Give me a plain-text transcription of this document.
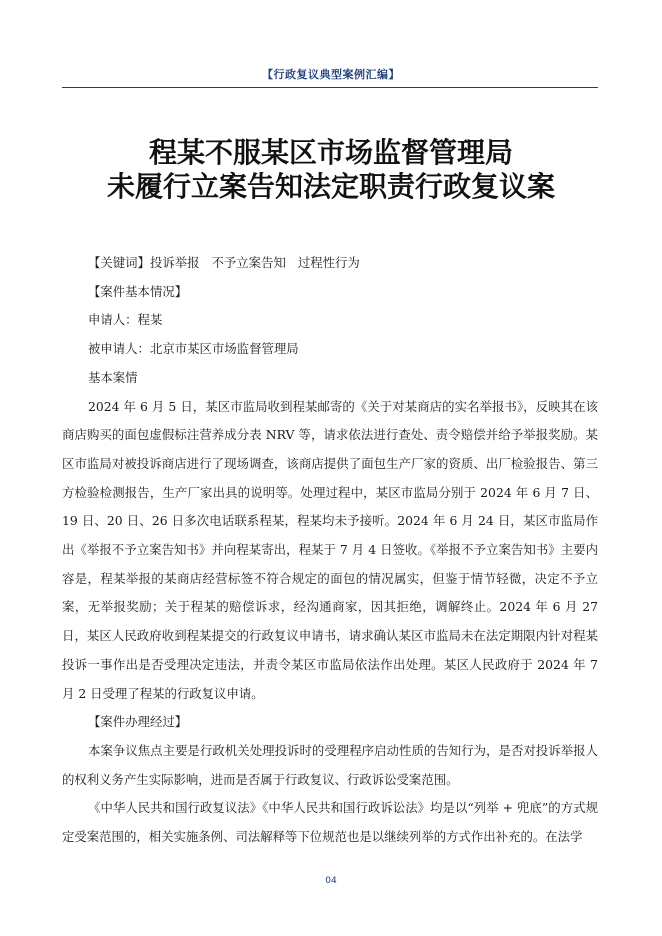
【行政复议典型案例汇编】
程某不服某区市场监督管理局
未履行立案告知法定职责行政复议案

【关键词】投诉举报 不予立案告知 过程性行为

【案件基本情况】

申请人：程某

被申请人：北京市某区市场监督管理局

基本案情

2024 年 6 月 5 日，某区市监局收到程某邮寄的《关于对某商店的实名举报书》，反映其在该商店购买的面包虚假标注营养成分表 NRV 等，请求依法进行查处、责令赔偿并给予举报奖励。某区市监局对被投诉商店进行了现场调查，该商店提供了面包生产厂家的资质、出厂检验报告、第三方检验检测报告，生产厂家出具的说明等。处理过程中，某区市监局分别于 2024 年 6 月 7 日、19 日、20 日、26 日多次电话联系程某，程某均未予接听。2024 年 6 月 24 日，某区市监局作出《举报不予立案告知书》并向程某寄出，程某于 7 月 4 日签收。《举报不予立案告知书》主要内容是，程某举报的某商店经营标签不符合规定的面包的情况属实，但鉴于情节轻微，决定不予立案，无举报奖励；关于程某的赔偿诉求，经沟通商家，因其拒绝，调解终止。2024 年 6 月 27 日，某区人民政府收到程某提交的行政复议申请书，请求确认某区市监局未在法定期限内针对程某投诉一事作出是否受理决定违法，并责令某区市监局依法作出处理。某区人民政府于 2024 年 7 月 2 日受理了程某的行政复议申请。

【案件办理经过】

本案争议焦点主要是行政机关处理投诉时的受理程序启动性质的告知行为，是否对投诉举报人的权利义务产生实际影响，进而是否属于行政复议、行政诉讼受案范围。

《中华人民共和国行政复议法》《中华人民共和国行政诉讼法》均是以“列举 + 兜底”的方式规定受案范围的，相关实施条例、司法解释等下位规范也是以继续列举的方式作出补充的。在法学

04
